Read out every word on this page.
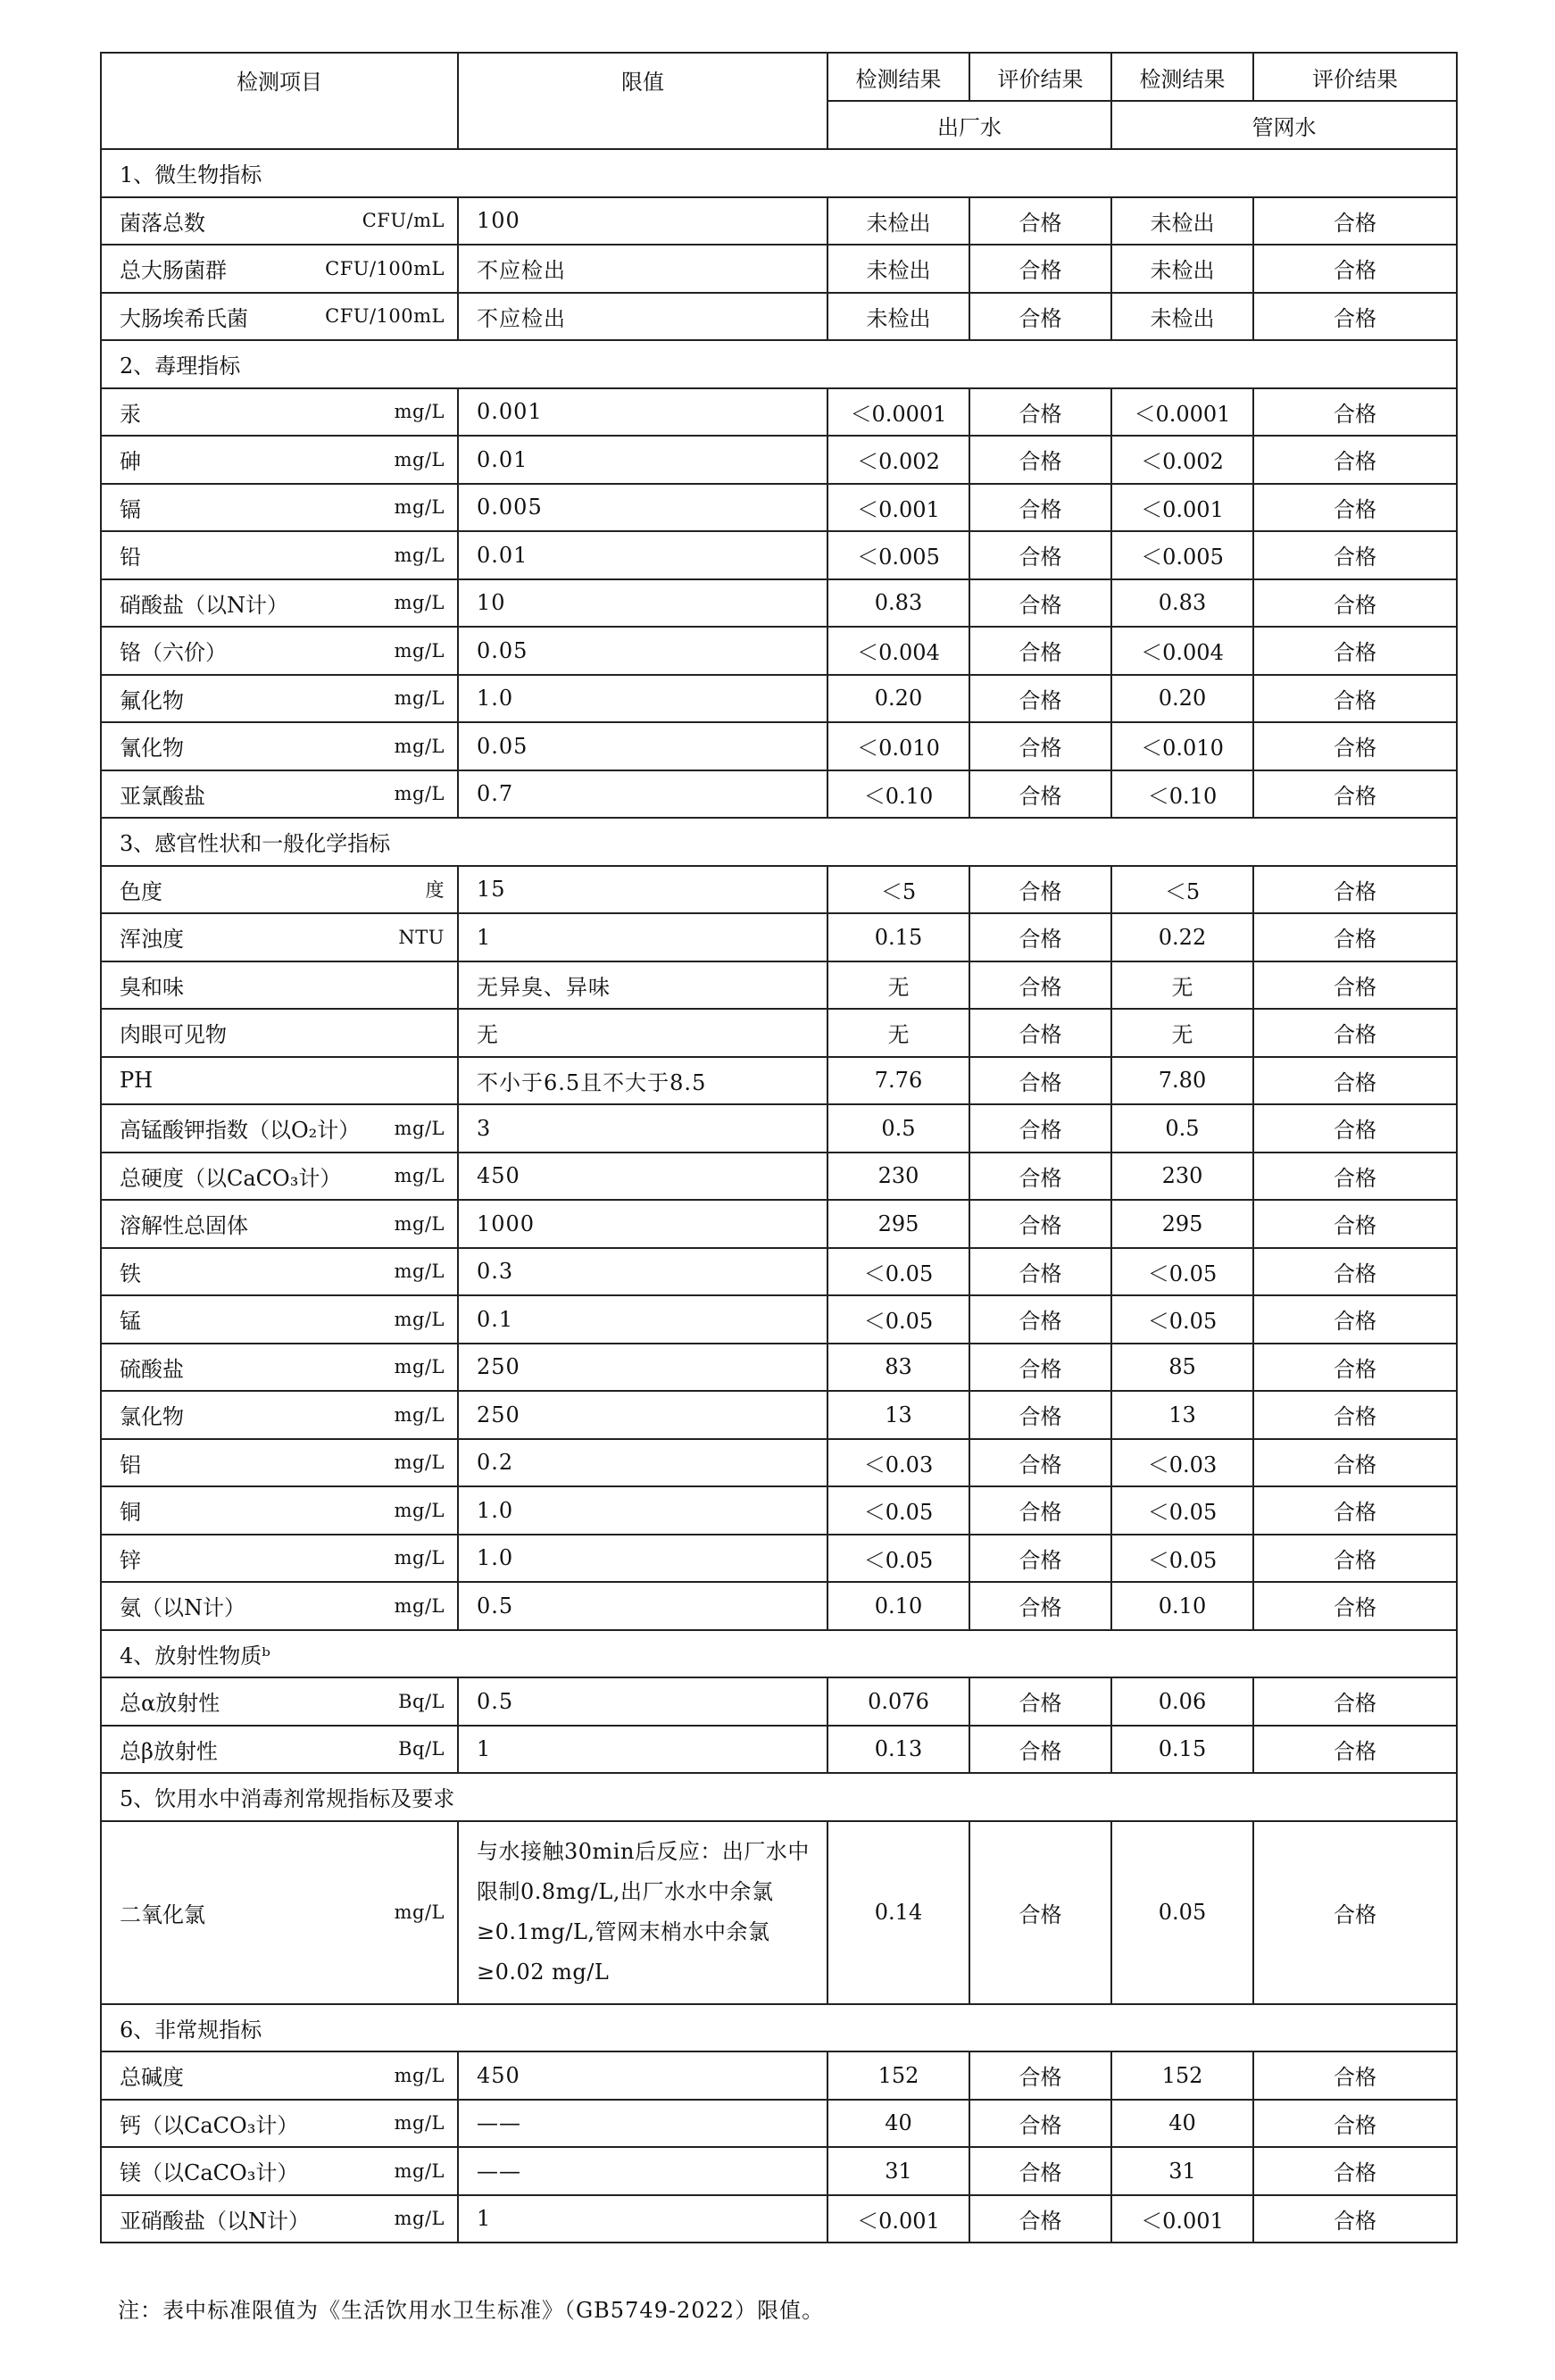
检测项目	限值	检测结果	评价结果	检测结果	评价结果
		出厂水		管网水	
1、微生物指标					

菌落总数 CFU/mL	100	未检出	合格	未检出	合格

总大肠菌群 CFU/100mL	不应检出	未检出	合格	未检出	合格

大肠埃希氏菌 CFU/100mL	不应检出	未检出	合格	未检出	合格
2、毒理指标					

汞 mg/L	0.001	＜0.0001	合格	＜0.0001	合格

砷 mg/L	0.01	＜0.002	合格	＜0.002	合格

镉 mg/L	0.005	＜0.001	合格	＜0.001	合格

铅 mg/L	0.01	＜0.005	合格	＜0.005	合格

硝酸盐（以N计） mg/L	10	0.83	合格	0.83	合格

铬（六价） mg/L	0.05	＜0.004	合格	＜0.004	合格

氟化物 mg/L	1.0	0.20	合格	0.20	合格

氰化物 mg/L	0.05	＜0.010	合格	＜0.010	合格

亚氯酸盐 mg/L	0.7	＜0.10	合格	＜0.10	合格
3、感官性状和一般化学指标					

色度 度	15	＜5	合格	＜5	合格

浑浊度 NTU	1	0.15	合格	0.22	合格

臭和味	无异臭、异味	无	合格	无	合格

肉眼可见物	无	无	合格	无	合格

PH	不小于6.5且不大于8.5	7.76	合格	7.80	合格

高锰酸钾指数（以O₂计） mg/L	3	0.5	合格	0.5	合格

总硬度（以CaCO₃计） mg/L	450	230	合格	230	合格

溶解性总固体 mg/L	1000	295	合格	295	合格

铁 mg/L	0.3	＜0.05	合格	＜0.05	合格

锰 mg/L	0.1	＜0.05	合格	＜0.05	合格

硫酸盐 mg/L	250	83	合格	85	合格

氯化物 mg/L	250	13	合格	13	合格

铝 mg/L	0.2	＜0.03	合格	＜0.03	合格

铜 mg/L	1.0	＜0.05	合格	＜0.05	合格

锌 mg/L	1.0	＜0.05	合格	＜0.05	合格

氨（以N计） mg/L	0.5	0.10	合格	0.10	合格
4、放射性物质ᵇ					

总α放射性 Bq/L	0.5	0.076	合格	0.06	合格

总β放射性 Bq/L	1	0.13	合格	0.15	合格
5、饮用水中消毒剂常规指标及要求					

二氧化氯 mg/L	与水接触30min后反应：出厂水中限制0.8mg/L,出厂水水中余氯≥0.1mg/L,管网末梢水中余氯≥0.02 mg/L	0.14	合格	0.05	合格
6、非常规指标					

总碱度 mg/L	450	152	合格	152	合格

钙（以CaCO₃计） mg/L	——	40	合格	40	合格

镁（以CaCO₃计） mg/L	——	31	合格	31	合格

亚硝酸盐（以N计） mg/L	1	＜0.001	合格	＜0.001	合格
注：表中标准限值为《生活饮用水卫生标准》（GB5749-2022）限值。
